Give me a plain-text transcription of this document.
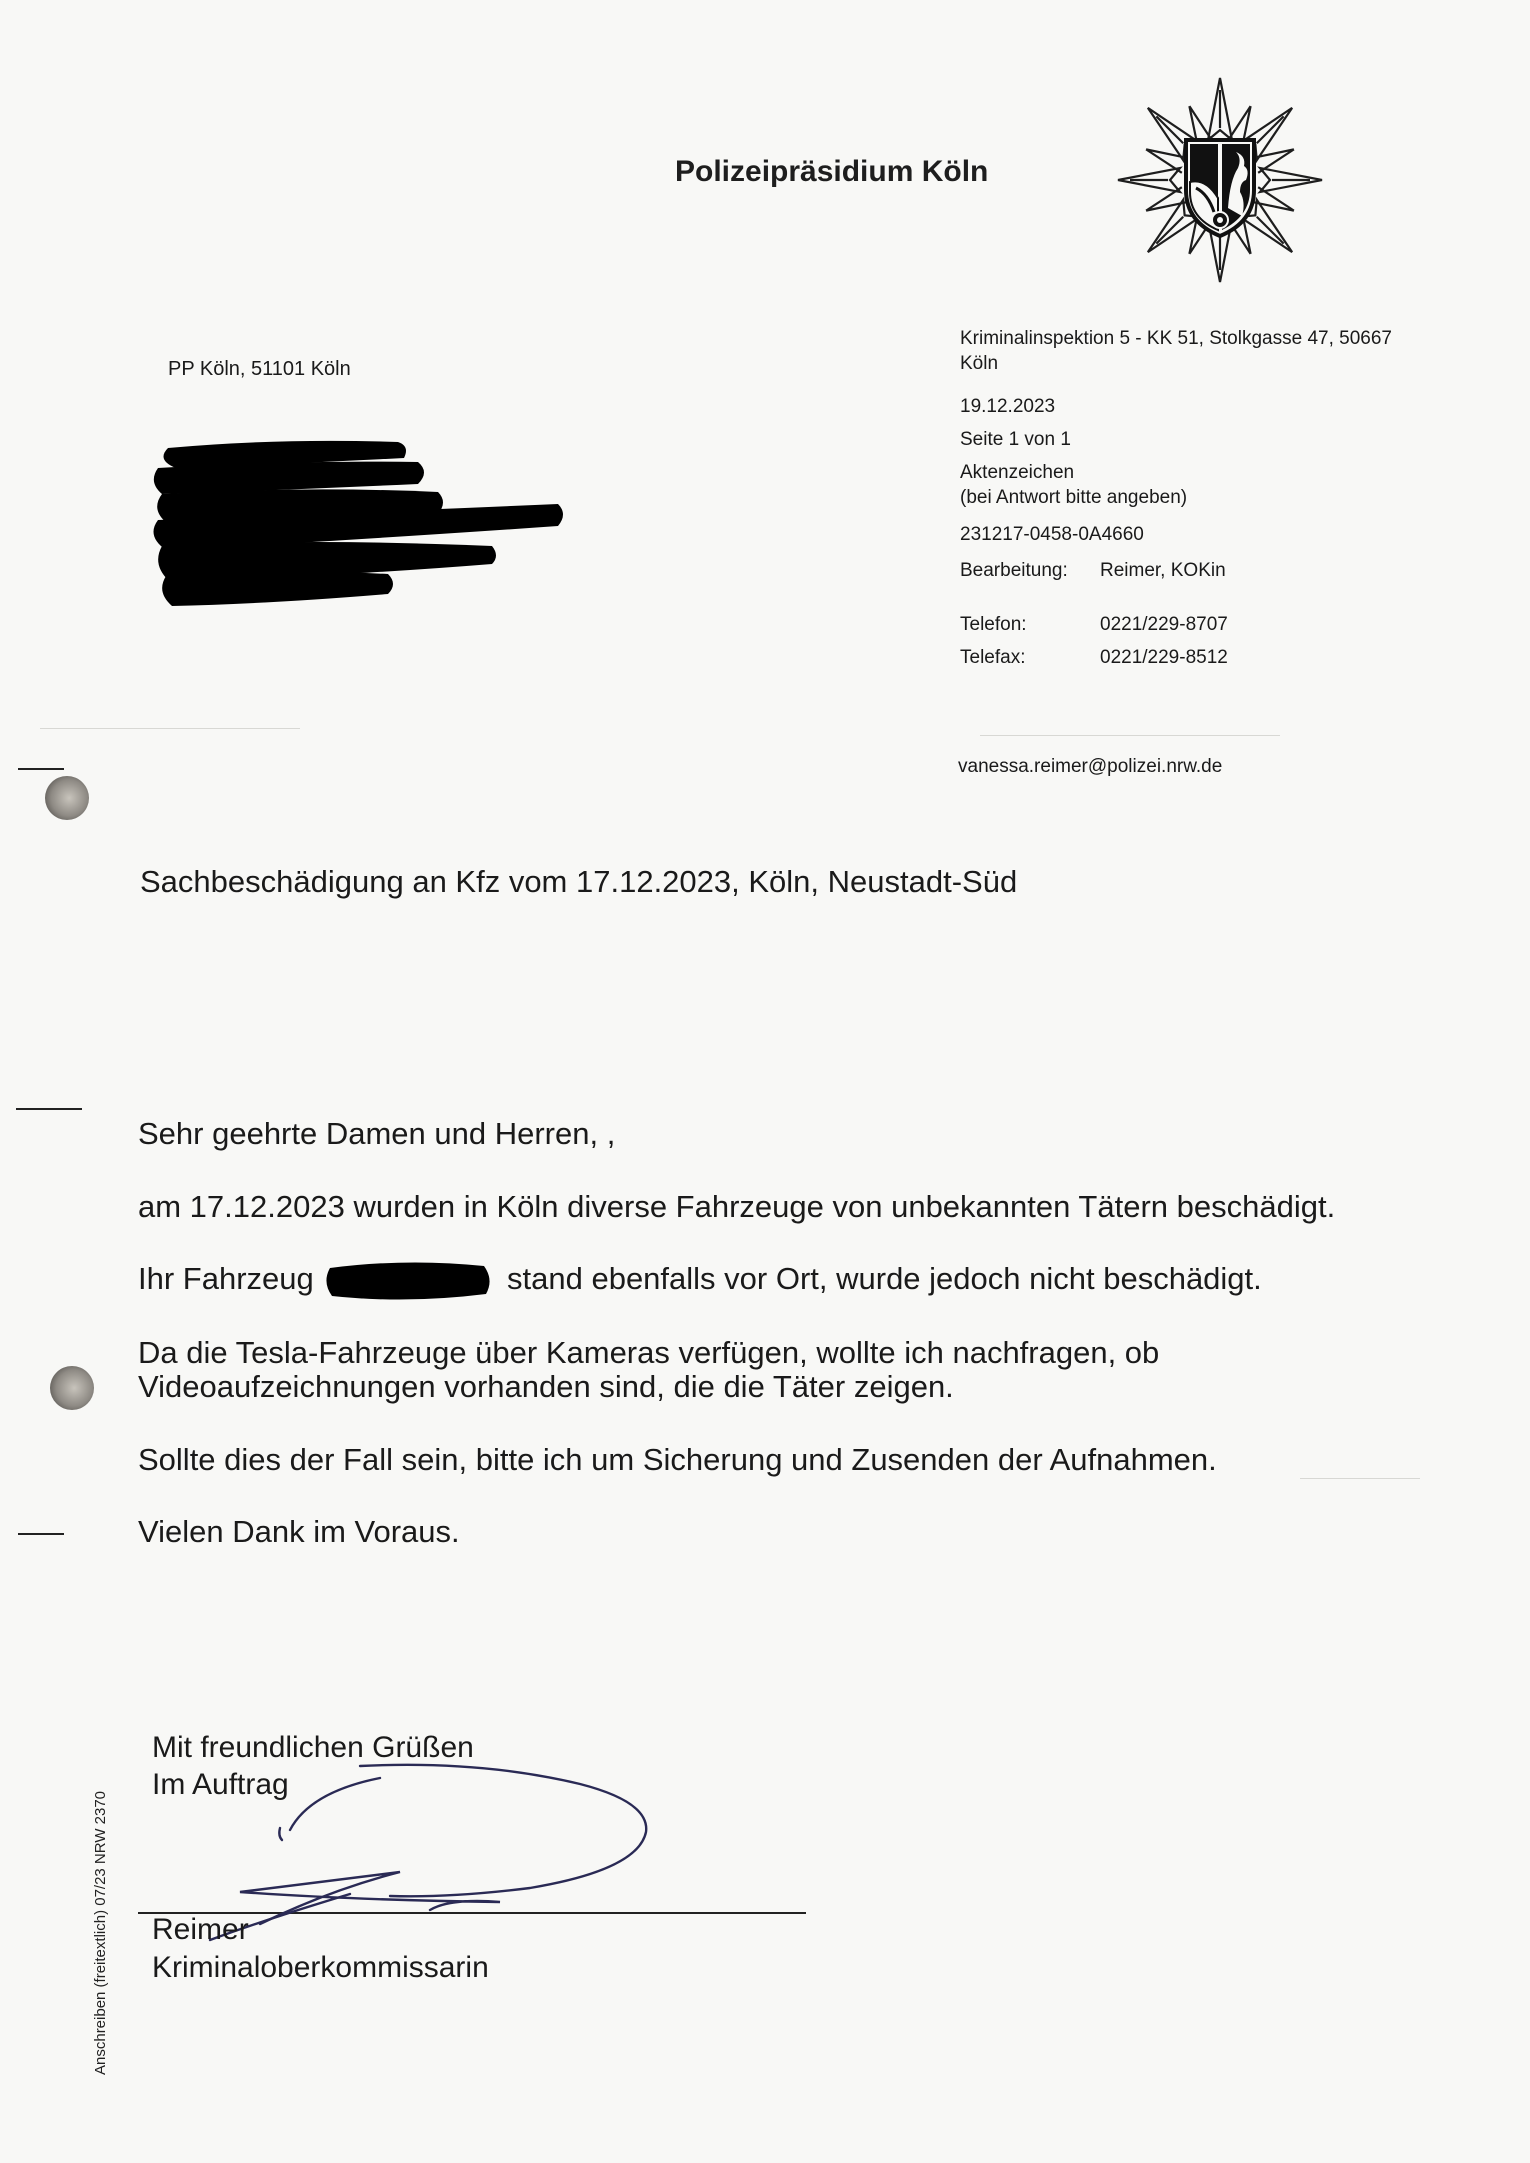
Polizeipräsidium Köln
PP Köln, 51101 Köln
Kriminalinspektion 5 - KK 51, Stolkgasse 47, 50667
Köln
19.12.2023
Seite 1 von 1
Aktenzeichen
(bei Antwort bitte angeben)
231217-0458-0A4660
Bearbeitung: Reimer, KOKin
Telefon:	0221/229-8707
Telefax:	0221/229-8512
vanessa.reimer@polizei.nrw.de
Sachbeschädigung an Kfz vom 17.12.2023, Köln, Neustadt-Süd
Sehr geehrte Damen und Herren, ,
am 17.12.2023 wurden in Köln diverse Fahrzeuge von unbekannten Tätern beschädigt.
Ihr Fahrzeug	stand ebenfalls vor Ort, wurde jedoch nicht beschädigt.
Da die Tesla-Fahrzeuge über Kameras verfügen, wollte ich nachfragen, ob
Videoaufzeichnungen vorhanden sind, die die Täter zeigen.
Sollte dies der Fall sein, bitte ich um Sicherung und Zusenden der Aufnahmen.
Vielen Dank im Voraus.
Mit freundlichen Grüßen
Im Auftrag
Reimer
Kriminaloberkommissarin
Anschreiben (freitextlich) 07/23 NRW 2370
